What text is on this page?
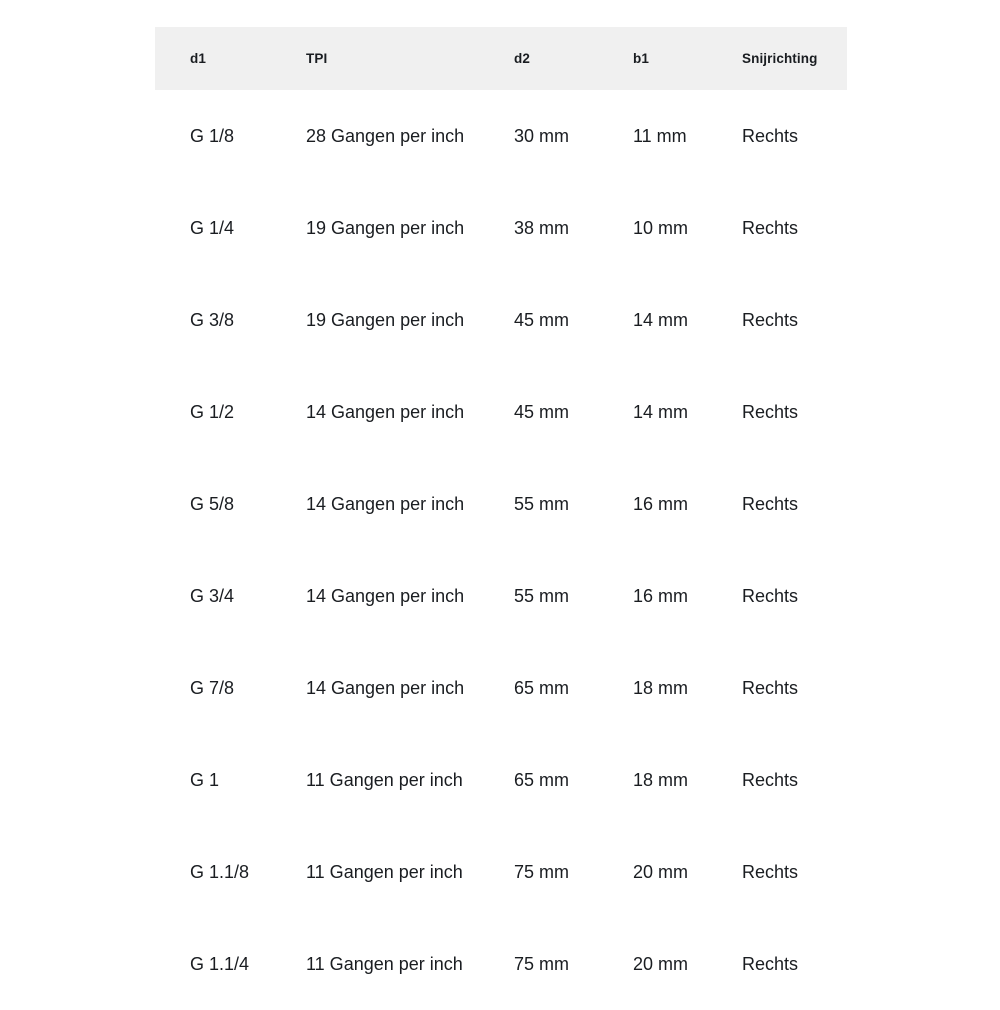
d1	TPI	d2	b1	Snijrichting
G 1/8	28 Gangen per inch	30 mm	11 mm	Rechts
G 1/4	19 Gangen per inch	38 mm	10 mm	Rechts
G 3/8	19 Gangen per inch	45 mm	14 mm	Rechts
G 1/2	14 Gangen per inch	45 mm	14 mm	Rechts
G 5/8	14 Gangen per inch	55 mm	16 mm	Rechts
G 3/4	14 Gangen per inch	55 mm	16 mm	Rechts
G 7/8	14 Gangen per inch	65 mm	18 mm	Rechts
G 1	11 Gangen per inch	65 mm	18 mm	Rechts
G 1.1/8	11 Gangen per inch	75 mm	20 mm	Rechts
G 1.1/4	11 Gangen per inch	75 mm	20 mm	Rechts
